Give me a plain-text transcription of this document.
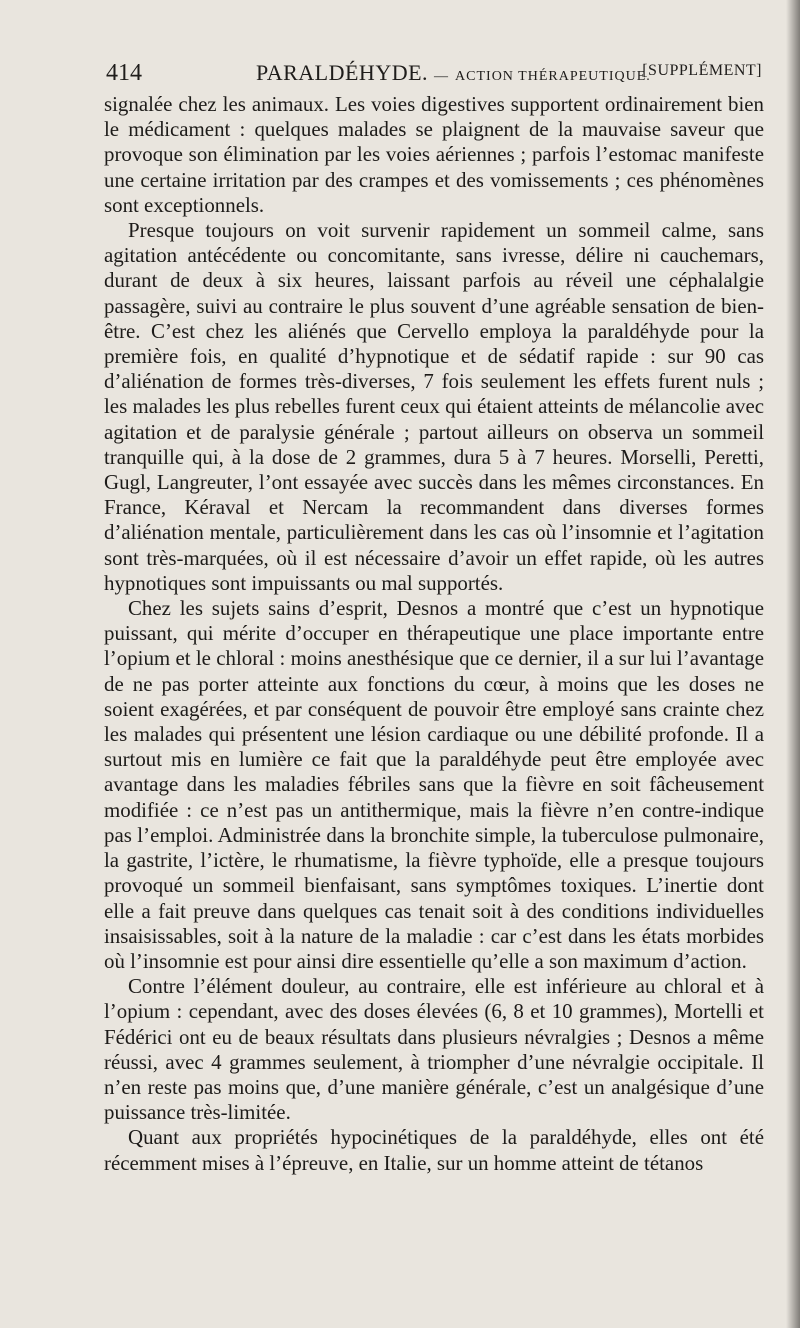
414	PARALDÉHYDE. — ACTION THÉRAPEUTIQUE.
[SUPPLÉMENT]

signalée chez les animaux. Les voies digestives supportent ordinairement bien le médicament : quelques malades se plaignent de la mauvaise saveur que provoque son élimination par les voies aériennes ; parfois l’estomac manifeste une certaine irritation par des crampes et des vomissements ; ces phénomènes sont exceptionnels.

Presque toujours on voit survenir rapidement un sommeil calme, sans agitation antécédente ou concomitante, sans ivresse, délire ni cauchemars, durant de deux à six heures, laissant parfois au réveil une céphalalgie passagère, suivi au contraire le plus souvent d’une agréable sensation de bien-être. C’est chez les aliénés que Cervello employa la paraldéhyde pour la première fois, en qualité d’hypnotique et de sédatif rapide : sur 90 cas d’aliénation de formes très-diverses, 7 fois seulement les effets furent nuls ; les malades les plus rebelles furent ceux qui étaient atteints de mélancolie avec agitation et de paralysie générale ; partout ailleurs on observa un sommeil tranquille qui, à la dose de 2 grammes, dura 5 à 7 heures. Morselli, Peretti, Gugl, Langreuter, l’ont essayée avec succès dans les mêmes circonstances. En France, Kéraval et Nercam la recommandent dans diverses formes d’aliénation mentale, particulièrement dans les cas où l’insomnie et l’agitation sont très-marquées, où il est nécessaire d’avoir un effet rapide, où les autres hypnotiques sont impuissants ou mal supportés.

Chez les sujets sains d’esprit, Desnos a montré que c’est un hypnotique puissant, qui mérite d’occuper en thérapeutique une place importante entre l’opium et le chloral : moins anesthésique que ce dernier, il a sur lui l’avantage de ne pas porter atteinte aux fonctions du cœur, à moins que les doses ne soient exagérées, et par conséquent de pouvoir être employé sans crainte chez les malades qui présentent une lésion cardiaque ou une débilité profonde. Il a surtout mis en lumière ce fait que la paraldéhyde peut être employée avec avantage dans les maladies fébriles sans que la fièvre en soit fâcheusement modifiée : ce n’est pas un antithermique, mais la fièvre n’en contre-indique pas l’emploi. Administrée dans la bronchite simple, la tuberculose pulmonaire, la gastrite, l’ictère, le rhumatisme, la fièvre typhoïde, elle a presque toujours provoqué un sommeil bienfaisant, sans symptômes toxiques. L’inertie dont elle a fait preuve dans quelques cas tenait soit à des conditions individuelles insaisissables, soit à la nature de la maladie : car c’est dans les états morbides où l’insomnie est pour ainsi dire essentielle qu’elle a son maximum d’action.

Contre l’élément douleur, au contraire, elle est inférieure au chloral et à l’opium : cependant, avec des doses élevées (6, 8 et 10 grammes), Mortelli et Fédérici ont eu de beaux résultats dans plusieurs névralgies ; Desnos a même réussi, avec 4 grammes seulement, à triompher d’une névralgie occipitale. Il n’en reste pas moins que, d’une manière générale, c’est un analgésique d’une puissance très-limitée.

Quant aux propriétés hypocinétiques de la paraldéhyde, elles ont été récemment mises à l’épreuve, en Italie, sur un homme atteint de tétanos
